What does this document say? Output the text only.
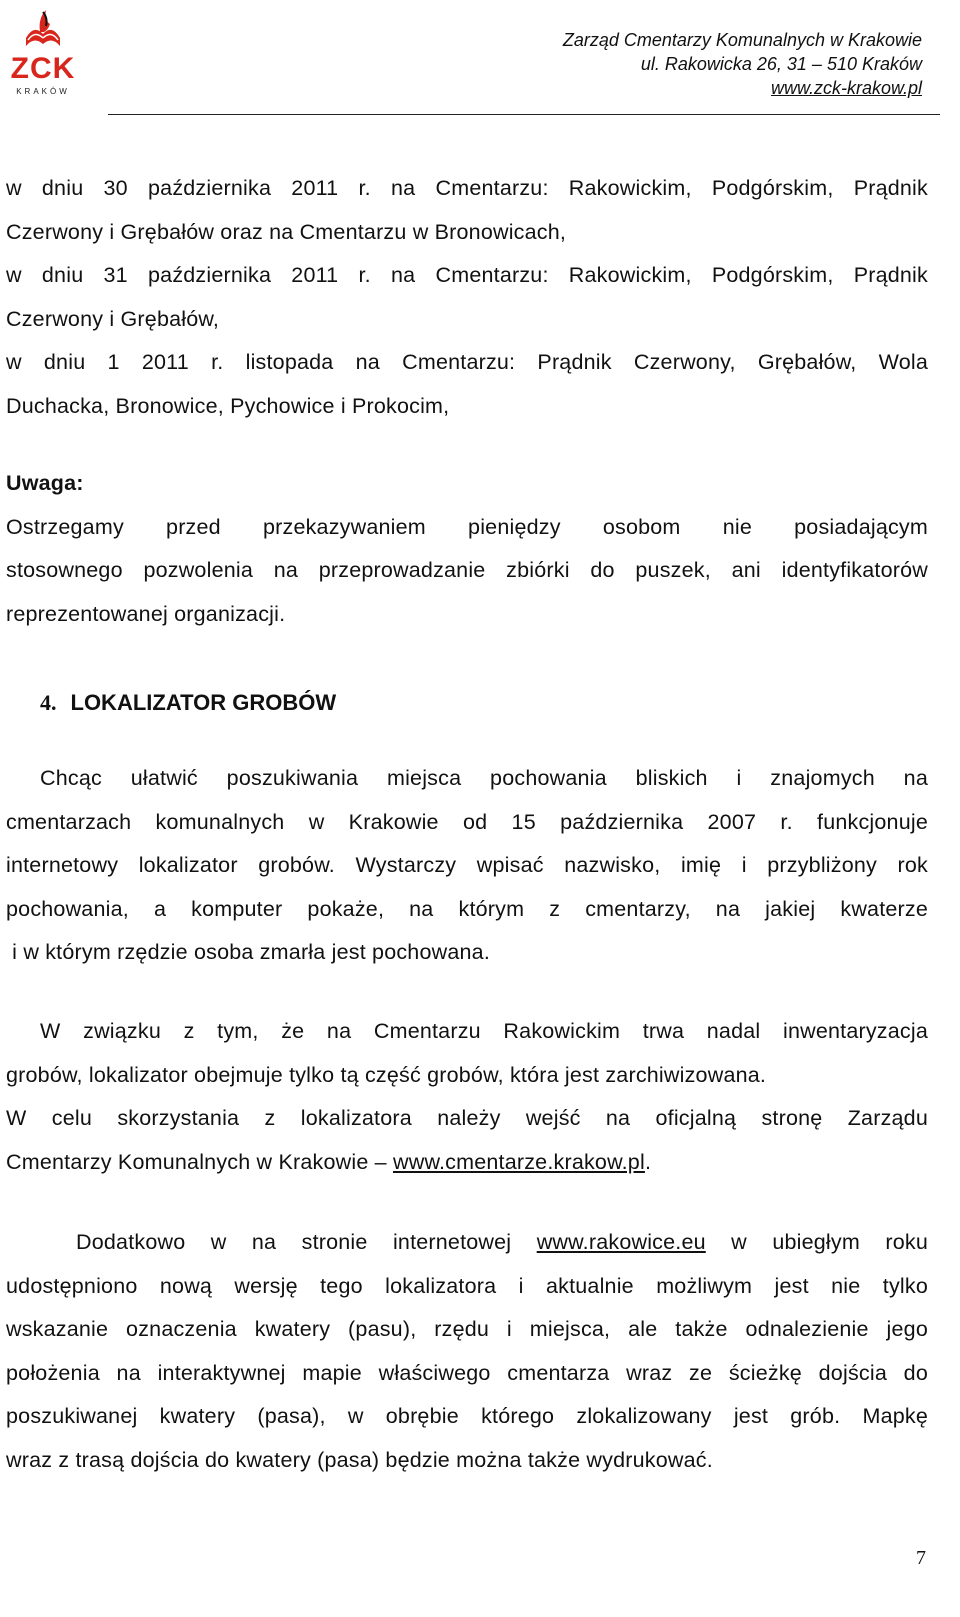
ZCK
KRAKÓW
Zarząd Cmentarzy Komunalnych w Krakowie
ul. Rakowicka 26, 31 – 510 Kraków
www.zck-krakow.pl
w dniu 30 października 2011 r. na Cmentarzu: Rakowickim, Podgórskim, Prądnik
Czerwony i Grębałów oraz na Cmentarzu w Bronowicach,
w dniu 31 października 2011 r. na Cmentarzu: Rakowickim, Podgórskim, Prądnik
Czerwony i Grębałów,
w dniu 1 2011 r. listopada na Cmentarzu: Prądnik Czerwony, Grębałów, Wola
Duchacka, Bronowice, Pychowice i Prokocim,
Uwaga:
Ostrzegamy przed przekazywaniem pieniędzy osobom nie posiadającym
stosownego pozwolenia na przeprowadzanie zbiórki do puszek, ani identyfikatorów
reprezentowanej organizacji.
4. LOKALIZATOR GROBÓW
Chcąc ułatwić poszukiwania miejsca pochowania bliskich i znajomych na
cmentarzach komunalnych w Krakowie od 15 października 2007 r. funkcjonuje
internetowy lokalizator grobów. Wystarczy wpisać nazwisko, imię i przybliżony rok
pochowania, a komputer pokaże, na którym z cmentarzy, na jakiej kwaterze
i w którym rzędzie osoba zmarła jest pochowana.
W związku z tym, że na Cmentarzu Rakowickim trwa nadal inwentaryzacja
grobów, lokalizator obejmuje tylko tą część grobów, która jest zarchiwizowana.
W celu skorzystania z lokalizatora należy wejść na oficjalną stronę Zarządu
Cmentarzy Komunalnych w Krakowie – www.cmentarze.krakow.pl.
Dodatkowo w na stronie internetowej www.rakowice.eu w ubiegłym roku
udostępniono nową wersję tego lokalizatora i aktualnie możliwym jest nie tylko
wskazanie oznaczenia kwatery (pasu), rzędu i miejsca, ale także odnalezienie jego
położenia na interaktywnej mapie właściwego cmentarza wraz ze ścieżkę dojścia do
poszukiwanej kwatery (pasa), w obrębie którego zlokalizowany jest grób. Mapkę
wraz z trasą dojścia do kwatery (pasa) będzie można także wydrukować.
7
